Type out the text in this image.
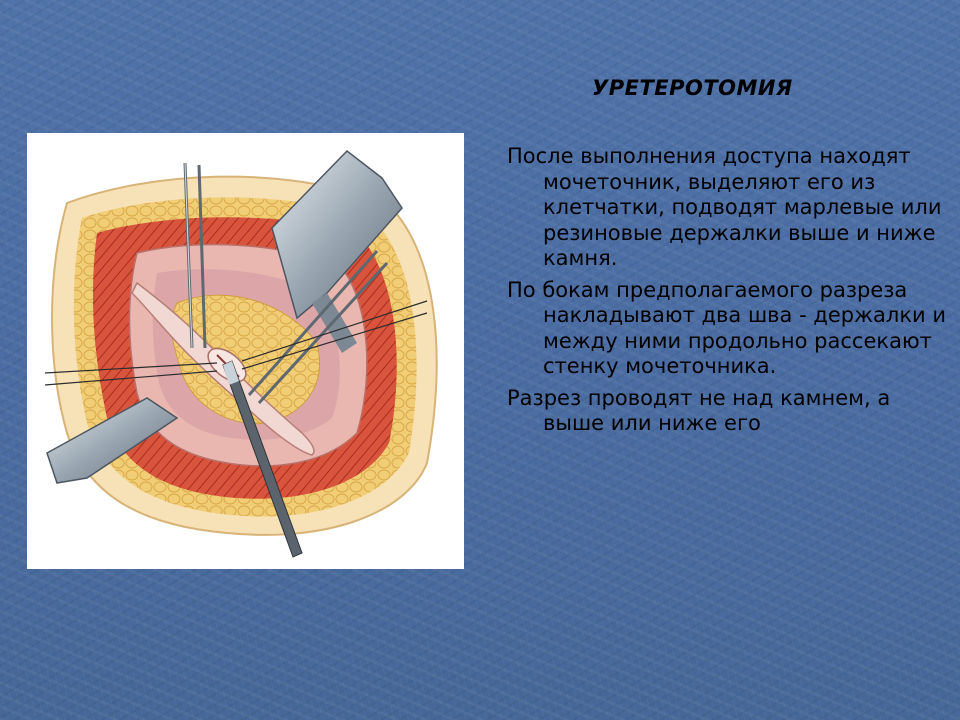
УРЕТЕРОТОМИЯ

После выполнения доступа находят мочеточник, выделяют его из клетчатки, подводят марлевые или резиновые держалки выше и ниже камня.

По бокам предполагаемого разреза накладывают два шва - держалки и между ними продольно рассекают стенку мочеточника.

Разрез проводят не над камнем, а выше или ниже его
